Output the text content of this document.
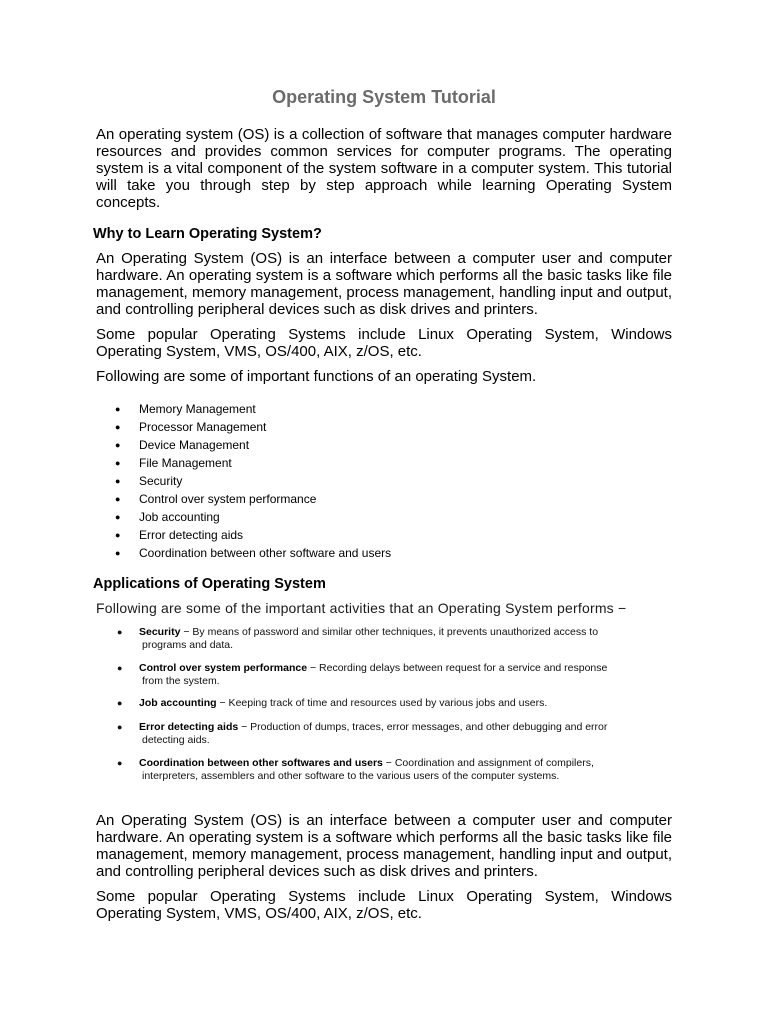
Operating System Tutorial

An operating system (OS) is a collection of software that manages computer hardware resources and provides common services for computer programs. The operating system is a vital component of the system software in a computer system. This tutorial will take you through step by step approach while learning Operating System concepts.

Why to Learn Operating System?

An Operating System (OS) is an interface between a computer user and computer hardware. An operating system is a software which performs all the basic tasks like file management, memory management, process management, handling input and output, and controlling peripheral devices such as disk drives and printers.

Some popular Operating Systems include Linux Operating System, Windows Operating System, VMS, OS/400, AIX, z/OS, etc.

Following are some of important functions of an operating System.

● Memory Management
● Processor Management
● Device Management
● File Management
● Security
● Control over system performance
● Job accounting
● Error detecting aids
● Coordination between other software and users
Applications of Operating System

Following are some of the important activities that an Operating System performs −

● Security − By means of password and similar other techniques, it prevents unauthorized access to
programs and data.
● Control over system performance − Recording delays between request for a service and response
from the system.
● Job accounting − Keeping track of time and resources used by various jobs and users.
● Error detecting aids − Production of dumps, traces, error messages, and other debugging and error
detecting aids.
● Coordination between other softwares and users − Coordination and assignment of compilers,
interpreters, assemblers and other software to the various users of the computer systems.

An Operating System (OS) is an interface between a computer user and computer hardware. An operating system is a software which performs all the basic tasks like file management, memory management, process management, handling input and output, and controlling peripheral devices such as disk drives and printers.

Some popular Operating Systems include Linux Operating System, Windows Operating System, VMS, OS/400, AIX, z/OS, etc.
